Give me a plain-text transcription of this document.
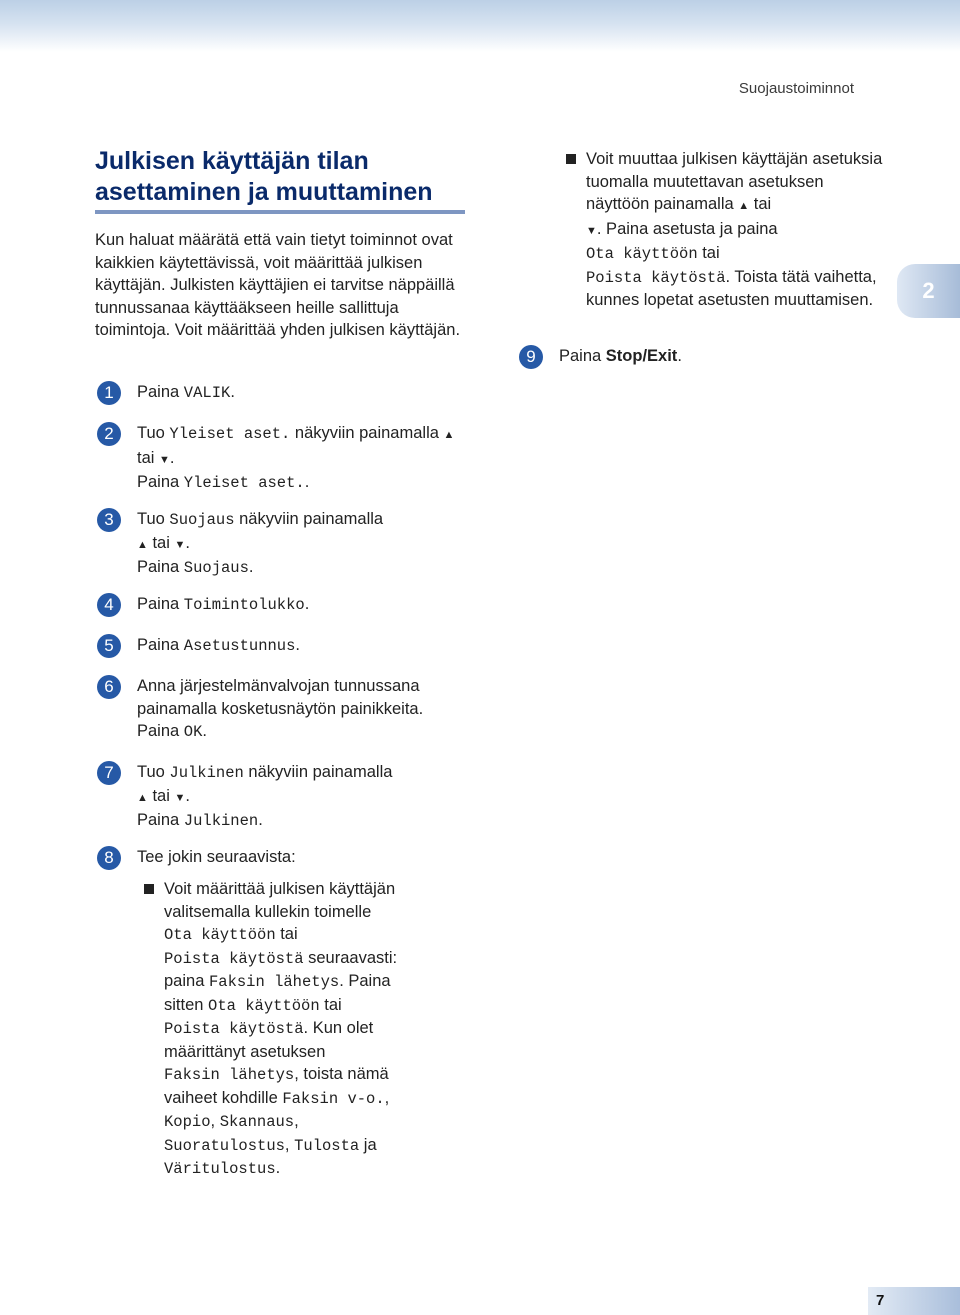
Suojaustoiminnot
Julkisen käyttäjän tilan asettaminen ja muuttaminen
Kun haluat määrätä että vain tietyt toiminnot ovat kaikkien käytettävissä, voit määrittää julkisen käyttäjän. Julkisten käyttäjien ei tarvitse näppäillä tunnussanaa käyttääkseen heille sallittuja toimintoja. Voit määrittää yhden julkisen käyttäjän.
1	Paina VALIK.
2	Tuo Yleiset aset. näkyviin painamalla ▲ tai ▼.
Paina Yleiset aset..
3	Tuo Suojaus näkyviin painamalla
▲ tai ▼.
Paina Suojaus.
4	Paina Toimintolukko.
5	Paina Asetustunnus.
6	Anna järjestelmänvalvojan tunnussana painamalla kosketusnäytön painikkeita.
Paina OK.
7	Tuo Julkinen näkyviin painamalla
▲ tai ▼.
Paina Julkinen.
8	Tee jokin seuraavista:
Voit määrittää julkisen käyttäjän valitsemalla kullekin toimelle
Ota käyttöön tai
Poista käytöstä seuraavasti:
paina Faksin lähetys. Paina
sitten Ota käyttöön tai
Poista käytöstä. Kun olet
määrittänyt asetuksen
Faksin lähetys, toista nämä
vaiheet kohdille Faksin v-o.,
Kopio, Skannaus,
Suoratulostus, Tulosta ja
Väritulostus.
Voit muuttaa julkisen käyttäjän asetuksia tuomalla muutettavan asetuksen näyttöön painamalla ▲ tai
▼. Paina asetusta ja paina
Ota käyttöön tai
Poista käytöstä. Toista tätä vaihetta, kunnes lopetat asetusten muuttamisen.
9	Paina Stop/Exit.
2
7
